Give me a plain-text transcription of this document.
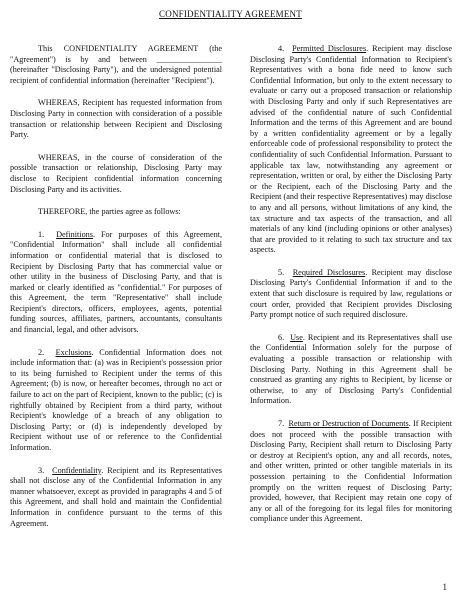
CONFIDENTIALITY AGREEMENT

This CONFIDENTIALITY AGREEMENT (the "Agreement") is by and between ________________ (hereinafter "Disclosing Party"), and the undersigned potential recipient of confidential information (hereinafter "Recipient").

WHEREAS, Recipient has requested information from Disclosing Party in connection with consideration of a possible transaction or relationship between Recipient and Disclosing Party.

WHEREAS, in the course of consideration of the possible transaction or relationship, Disclosing Party may disclose to Recipient confidential information concerning Disclosing Party and its activities.

THEREFORE, the parties agree as follows:

1. Definitions. For purposes of this Agreement, "Confidential Information" shall include all confidential information or confidential material that is disclosed to Recipient by Disclosing Party that has commercial value or other utility in the business of Disclosing Party, and that is marked or clearly identified as "confidential." For purposes of this Agreement, the term "Representative" shall include Recipient's directors, officers, employees, agents, potential funding sources, affiliates, partners, accountants, consultants and financial, legal, and other advisors.

2. Exclusions. Confidential Information does not include information that: (a) was in Recipient's possession prior to its being furnished to Recipient under the terms of this Agreement; (b) is now, or hereafter becomes, through no act or failure to act on the part of Recipient, known to the public; (c) is rightfully obtained by Recipient from a third party, without Recipient's knowledge of a breach of any obligation to Disclosing Party; or (d) is independently developed by Recipient without use of or reference to the Confidential Information.

3. Confidentiality. Recipient and its Representatives shall not disclose any of the Confidential Information in any manner whatsoever, except as provided in paragraphs 4 and 5 of this Agreement, and shall hold and maintain the Confidential Information in confidence pursuant to the terms of this Agreement.

4. Permitted Disclosures. Recipient may disclose Disclosing Party's Confidential Information to Recipient's Representatives with a bona fide need to know such Confidential Information, but only to the extent necessary to evaluate or carry out a proposed transaction or relationship with Disclosing Party and only if such Representatives are advised of the confidential nature of such Confidential Information and the terms of this Agreement and are bound by a written confidentiality agreement or by a legally enforceable code of professional responsibility to protect the confidentiality of such Confidential Information. Pursuant to applicable tax law, notwithstanding any agreement or representation, written or oral, by either the Disclosing Party or the Recipient, each of the Disclosing Party and the Recipient (and their respective Representatives) may disclose to any and all persons, without limitations of any kind, the tax structure and tax aspects of the transaction, and all materials of any kind (including opinions or other analyses) that are provided to it relating to such tax structure and tax aspects.

5. Required Disclosures. Recipient may disclose Disclosing Party's Confidential Information if and to the extent that such disclosure is required by law, regulations or court order, provided that Recipient provides Disclosing Party prompt notice of such required disclosure.

6. Use. Recipient and its Representatives shall use the Confidential Information solely for the purpose of evaluating a possible transaction or relationship with Disclosing Party. Nothing in this Agreement shall be construed as granting any rights to Recipient, by license or otherwise, to any of Disclosing Party's Confidential Information.

7. Return or Destruction of Documents. If Recipient does not proceed with the possible transaction with Disclosing Party, Recipient shall return to Disclosing Party or destroy at Recipient's option, any and all records, notes, and other written, printed or other tangible materials in its possession pertaining to the Confidential Information promptly on the written request of Disclosing Party; provided, however, that Recipient may retain one copy of any or all of the foregoing for its legal files for monitoring compliance under this Agreement.

1
